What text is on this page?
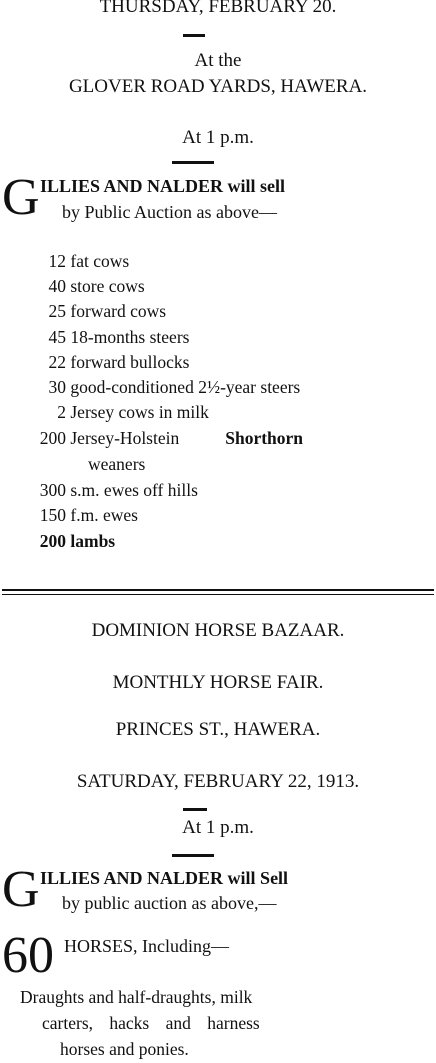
THURSDAY, FEBRUARY 20.
At the
GLOVER ROAD YARDS, HAWERA.
At 1 p.m.
G ILLIES AND NALDER will sell
by Public Auction as above—
12 fat cows
40 store cows
25 forward cows
45 18-months steers
22 forward bullocks
30 good-conditioned 2½-year steers
2 Jersey cows in milk
200 Jersey-Holstein	Shorthorn
weaners
300 s.m. ewes off hills
150 f.m. ewes
200 lambs
DOMINION HORSE BAZAAR.
MONTHLY HORSE FAIR.
PRINCES ST., HAWERA.
SATURDAY, FEBRUARY 22, 1913.
At 1 p.m.
G ILLIES AND NALDER will Sell
by public auction as above,—
60 HORSES, Including—
Draughts and half-draughts, milk
carters, hacks and harness
horses and ponies.
